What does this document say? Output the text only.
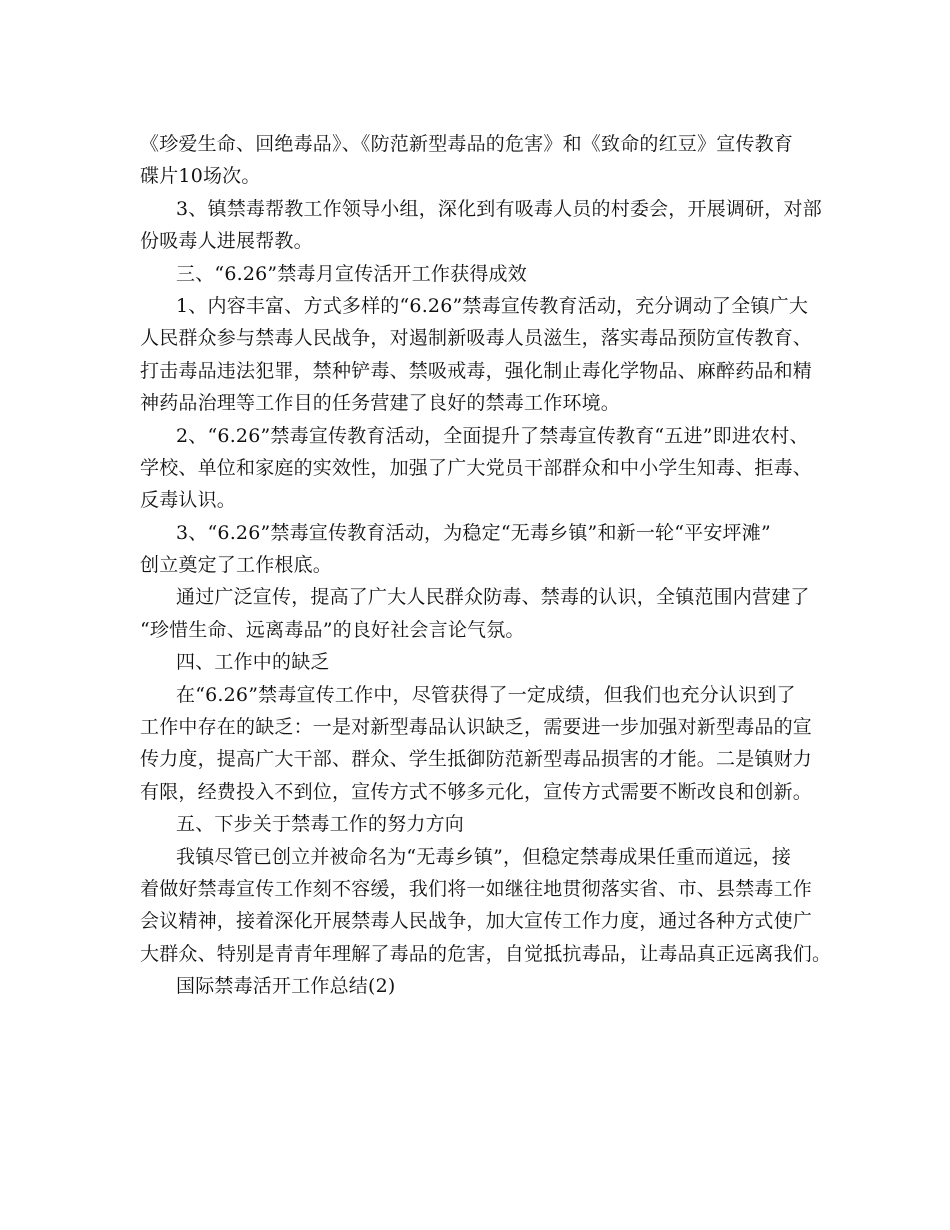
《珍爱生命、回绝毒品》、《防范新型毒品的危害》和《致命的红豆》宣传教育
碟片10场次。
3、镇禁毒帮教工作领导小组，深化到有吸毒人员的村委会，开展调研，对部
份吸毒人进展帮教。
三、“6.26”禁毒月宣传活开工作获得成效
1、内容丰富、方式多样的“6.26”禁毒宣传教育活动，充分调动了全镇广大
人民群众参与禁毒人民战争，对遏制新吸毒人员滋生，落实毒品预防宣传教育、
打击毒品违法犯罪，禁种铲毒、禁吸戒毒，强化制止毒化学物品、麻醉药品和精
神药品治理等工作目的任务营建了良好的禁毒工作环境。
2、“6.26”禁毒宣传教育活动，全面提升了禁毒宣传教育“五进”即进农村、
学校、单位和家庭的实效性，加强了广大党员干部群众和中小学生知毒、拒毒、
反毒认识。
3、“6.26”禁毒宣传教育活动，为稳定“无毒乡镇”和新一轮“平安坪滩”
创立奠定了工作根底。
通过广泛宣传，提高了广大人民群众防毒、禁毒的认识，全镇范围内营建了
“珍惜生命、远离毒品”的良好社会言论气氛。
四、工作中的缺乏
在“6.26”禁毒宣传工作中，尽管获得了一定成绩，但我们也充分认识到了
工作中存在的缺乏：一是对新型毒品认识缺乏，需要进一步加强对新型毒品的宣
传力度，提高广大干部、群众、学生抵御防范新型毒品损害的才能。二是镇财力
有限，经费投入不到位，宣传方式不够多元化，宣传方式需要不断改良和创新。
五、下步关于禁毒工作的努力方向
我镇尽管已创立并被命名为“无毒乡镇”，但稳定禁毒成果任重而道远，接
着做好禁毒宣传工作刻不容缓，我们将一如继往地贯彻落实省、市、县禁毒工作
会议精神，接着深化开展禁毒人民战争，加大宣传工作力度，通过各种方式使广
大群众、特别是青青年理解了毒品的危害，自觉抵抗毒品，让毒品真正远离我们。
国际禁毒活开工作总结(2)
